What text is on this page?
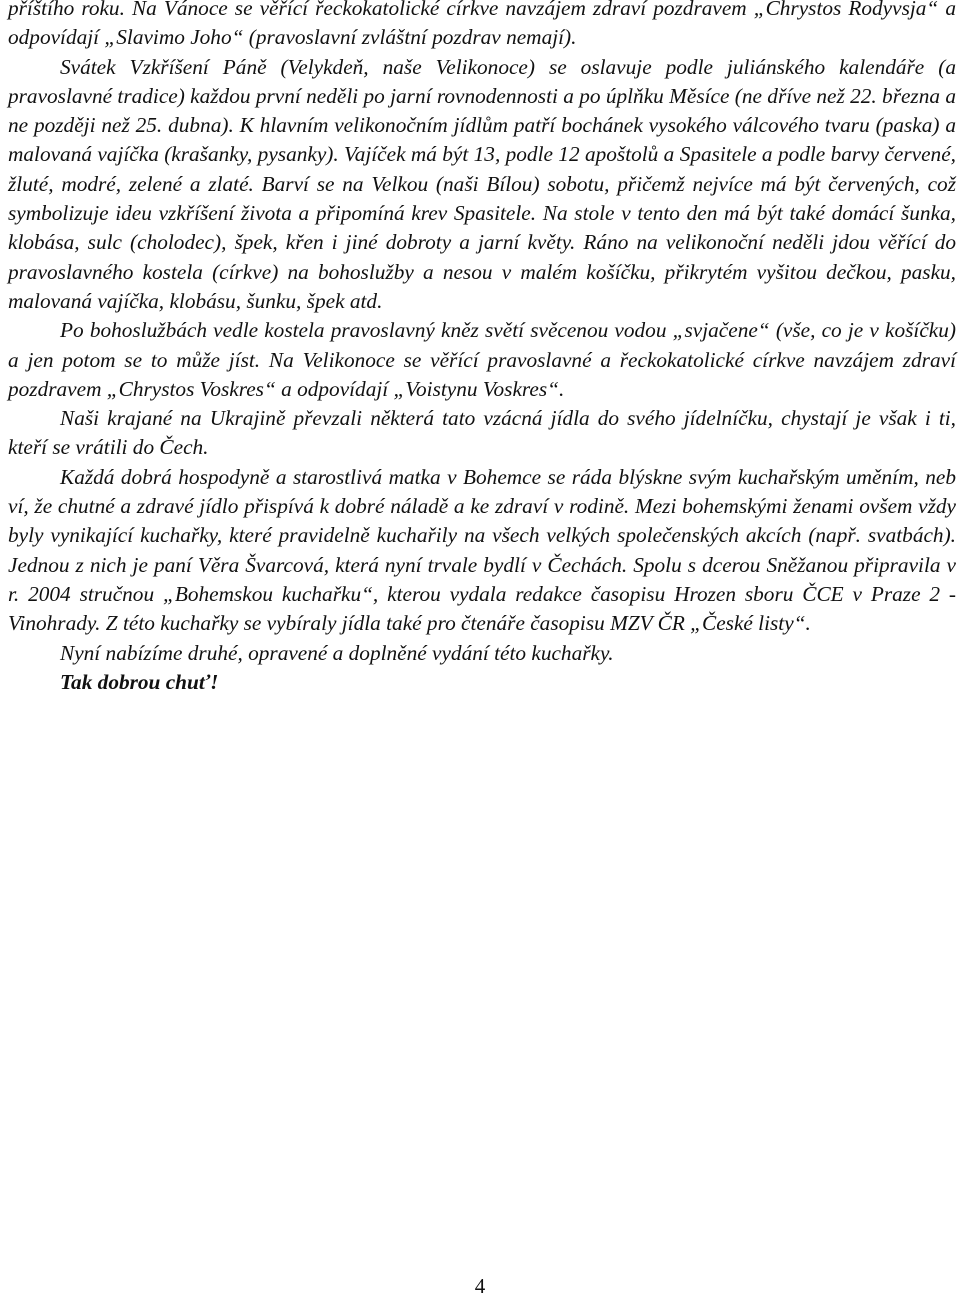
příštího roku. Na Vánoce se věřící řeckokatolické církve navzájem zdraví pozdravem „Chrystos Rodyvsja“ a odpovídají „Slavimo Joho“ (pravoslavní zvláštní pozdrav nemají).

Svátek Vzkříšení Páně (Velykdeň, naše Velikonoce) se oslavuje podle juliánského kalendáře (a pravoslavné tradice) každou první neděli po jarní rovnodennosti a po úplňku Měsíce (ne dříve než 22. března a ne později než 25. dubna). K hlavním velikonočním jídlům patří bochánek vysokého válcového tvaru (paska) a malovaná vajíčka (krašanky, pysanky). Vajíček má být 13, podle 12 apoštolů a Spasitele a podle barvy červené, žluté, modré, zelené a zlaté. Barví se na Velkou (naši Bílou) sobotu, přičemž nejvíce má být červených, což symbolizuje ideu vzkříšení života a připomíná krev Spasitele. Na stole v tento den má být také domácí šunka, klobása, sulc (cholodec), špek, křen i jiné dobroty a jarní květy. Ráno na velikonoční neděli jdou věřící do pravoslavného kostela (církve) na bohoslužby a nesou v malém košíčku, přikrytém vyšitou dečkou, pasku, malovaná vajíčka, klobásu, šunku, špek atd.

Po bohoslužbách vedle kostela pravoslavný kněz světí svěcenou vodou „svjačene“ (vše, co je v košíčku) a jen potom se to může jíst. Na Velikonoce se věřící pravoslavné a řeckokatolické církve navzájem zdraví pozdravem „Chrystos Voskres“ a odpovídají „Voistynu Voskres“.

Naši krajané na Ukrajině převzali některá tato vzácná jídla do svého jídelníčku, chystají je však i ti, kteří se vrátili do Čech.

Každá dobrá hospodyně a starostlivá matka v Bohemce se ráda blýskne svým kuchařským uměním, neb ví, že chutné a zdravé jídlo přispívá k dobré náladě a ke zdraví v rodině. Mezi bohemskými ženami ovšem vždy byly vynikající kuchařky, které pravidelně kuchařily na všech velkých společenských akcích (např. svatbách). Jednou z nich je paní Věra Švarcová, která nyní trvale bydlí v Čechách. Spolu s dcerou Sněžanou připravila v r. 2004 stručnou „Bohemskou kuchařku“, kterou vydala redakce časopisu Hrozen sboru ČCE v Praze 2 - Vinohrady. Z této kuchařky se vybíraly jídla také pro čtenáře časopisu MZV ČR „České listy“.

Nyní nabízíme druhé, opravené a doplněné vydání této kuchařky.

Tak dobrou chuť!

4
